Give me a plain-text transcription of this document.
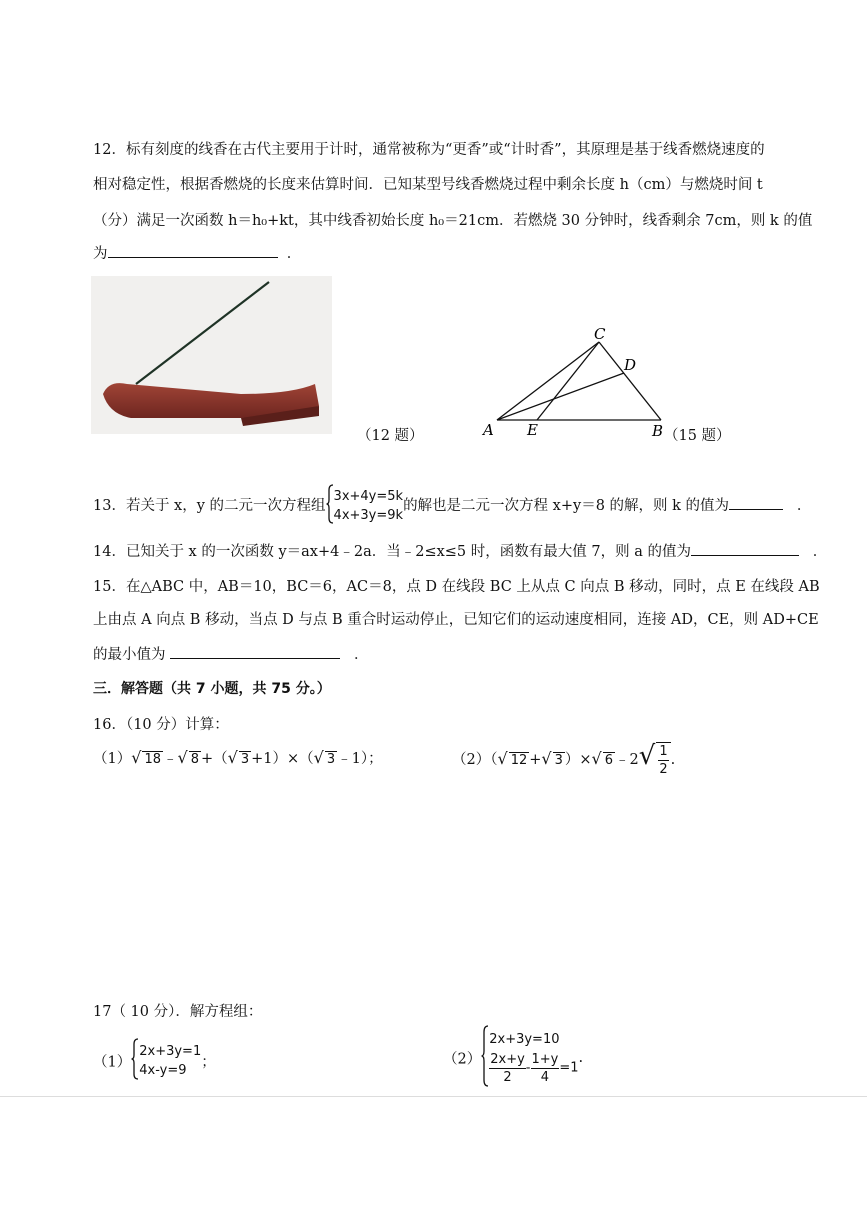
12．标有刻度的线香在古代主要用于计时，通常被称为“更香”或“计时香”，其原理是基于线香燃烧速度的
相对稳定性，根据香燃烧的长度来估算时间．已知某型号线香燃烧过程中剩余长度 h（cm）与燃烧时间 t
（分）满足一次函数 h＝h₀+kt，其中线香初始长度 h₀＝21cm．若燃烧 30 分钟时，线香剩余 7cm，则 k 的值
为	．
（12 题）
C
D
A E	B （15 题）
13．若关于 x，y 的二元一次方程组
3x+4y=5k
4x+3y=9k
的解也是二元一次方程 x+y＝8 的解，则 k 的值为	．
14．已知关于 x 的一次函数 y＝ax+4﹣2a．当﹣2≤x≤5 时，函数有最大值 7，则 a 的值为	．
15．在△ABC 中，AB＝10，BC＝6，AC＝8，点 D 在线段 BC 上从点 C 向点 B 移动，同时，点 E 在线段 AB
上由点 A 向点 B 移动，当点 D 与点 B 重合时运动停止，已知它们的运动速度相同，连接 AD，CE，则 AD+CE
的最小值为	．
三．解答题（共 7 小题，共 75 分。）
16．（10 分）计算：
（1）√ 18 ﹣√ 8 +（√ 3 +1）×（√ 3 ﹣1）；	（2）（√ 12 +√ 3 ）×√ 6 ﹣2√ $\frac{1}{2}$ .
17（ 10 分）．解方程组：
（1）
2x+3y=1
4x-y=9	；	（2）
2x+3y=10
$\frac{2x+y}{2} - \frac{1+y}{4} =1$
.
